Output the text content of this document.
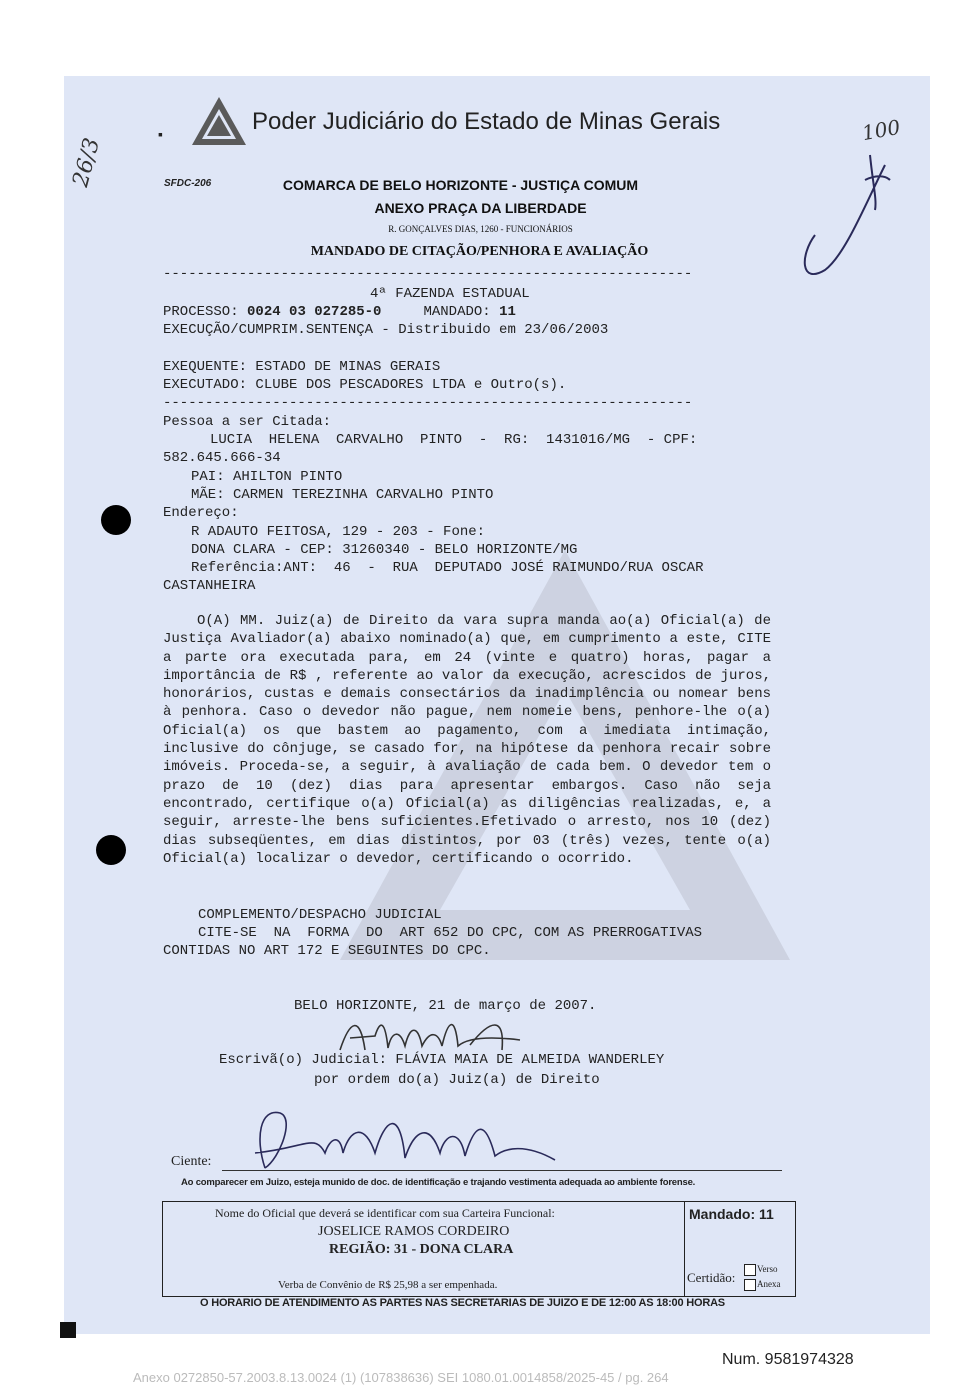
▪	Poder Judiciário do Estado de Minas Gerais
SFDC-206	COMARCA DE BELO HORIZONTE - JUSTIÇA COMUM
ANEXO PRAÇA DA LIBERDADE
R. GONÇALVES DIAS, 1260 - FUNCIONÁRIOS
MANDADO DE CITAÇÃO/PENHORA E AVALIAÇÃO
---------------------------------------------------------------
4ª FAZENDA ESTADUAL
PROCESSO: 0024 03 027285-0	MANDADO: 11
EXECUÇÃO/CUMPRIM.SENTENÇA - Distribuido em 23/06/2003
EXEQUENTE: ESTADO DE MINAS GERAIS
EXECUTADO: CLUBE DOS PESCADORES LTDA e Outro(s).
---------------------------------------------------------------
Pessoa a ser Citada:
LUCIA  HELENA  CARVALHO  PINTO  -  RG:  1431016/MG  - CPF:
582.645.666-34
PAI: AHILTON PINTO
MÃE: CARMEN TEREZINHA CARVALHO PINTO
Endereço:
R ADAUTO FEITOSA, 129 - 203 - Fone:
DONA CLARA - CEP: 31260340 - BELO HORIZONTE/MG
Referência:ANT:  46  -  RUA  DEPUTADO JOSÉ RAIMUNDO/RUA OSCAR
CASTANHEIRA
O(A) MM. Juiz(a) de Direito da vara supra manda ao(a) Oficial(a) de Justiça Avaliador(a) abaixo nominado(a) que, em cumprimento a este, CITE a parte ora executada para, em 24 (vinte e quatro) horas, pagar a importância de R$ , referente ao valor da execução, acrescidos de juros, honorários, custas e demais consectários da inadimplência ou nomear bens à penhora. Caso o devedor não pague, nem nomeie bens, penhore-lhe o(a) Oficial(a) os que bastem ao pagamento, com a imediata intimação, inclusive do cônjuge, se casado for, na hipótese da penhora recair sobre imóveis. Proceda-se, a seguir, à avaliação de cada bem. O devedor tem o prazo de 10 (dez) dias para apresentar embargos. Caso não seja encontrado, certifique o(a) Oficial(a) as diligências realizadas, e, a seguir, arreste-lhe bens suficientes.Efetivado o arresto, nos 10 (dez) dias subseqüentes, em dias distintos, por 03 (três) vezes, tente o(a) Oficial(a) localizar o devedor, certificando o ocorrido.
COMPLEMENTO/DESPACHO JUDICIAL
CITE-SE  NA  FORMA  DO  ART 652 DO CPC, COM AS PRERROGATIVAS
CONTIDAS NO ART 172 E SEGUINTES DO CPC.
BELO HORIZONTE, 21 de março de 2007.
Escrivã(o) Judicial: FLÁVIA MAIA DE ALMEIDA WANDERLEY
por ordem do(a) Juiz(a) de Direito
Ciente:
Ao comparecer em Juizo, esteja munido de doc. de identificação e trajando vestimenta adequada ao ambiente forense.
Nome do Oficial que deverá se identificar com sua Carteira Funcional:
JOSELICE RAMOS CORDEIRO
REGIÃO: 31 - DONA CLARA
Verba de Convênio de R$ 25,98 a ser empenhada.
Mandado: 11
Certidão:
Verso
Anexa
O HORARIO DE ATENDIMENTO AS PARTES NAS SECRETARIAS DE JUIZO E DE 12:00 AS 18:00 HORAS
26/3
100
Num. 9581974328
Anexo 0272850-57.2003.8.13.0024 (1) (107838636) SEI 1080.01.0014858/2025-45 / pg. 264
